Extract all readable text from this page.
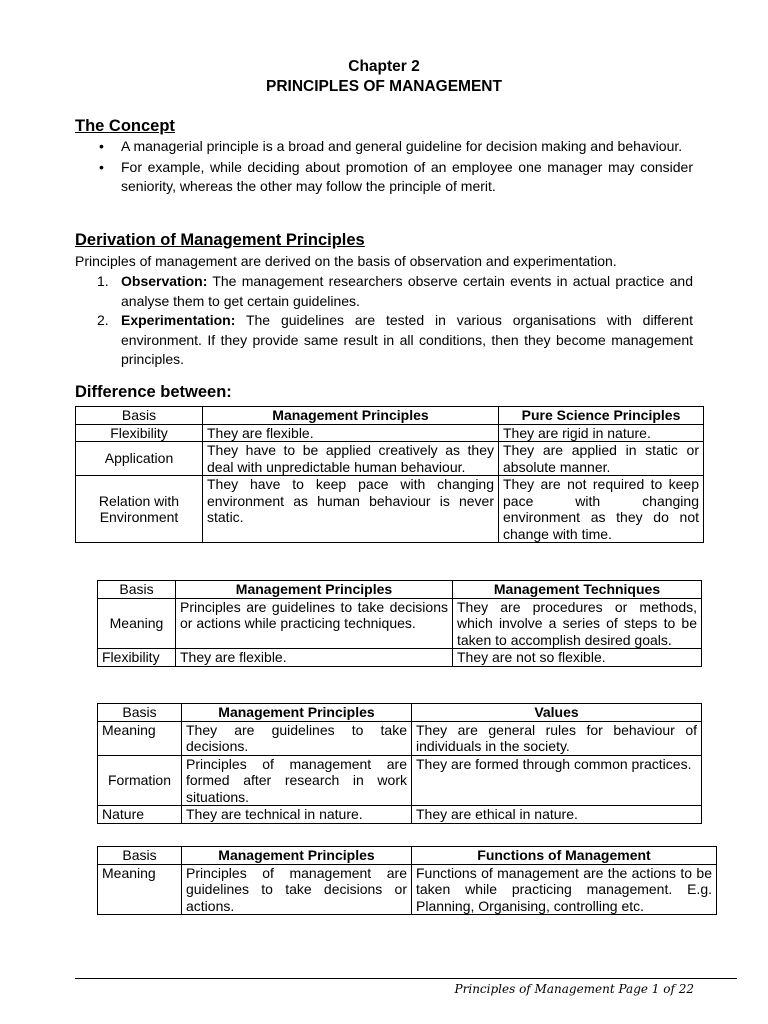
Chapter 2
PRINCIPLES OF MANAGEMENT
The Concept
• A managerial principle is a broad and general guideline for decision making and behaviour.
• For example, while deciding about promotion of an employee one manager may consider seniority, whereas the other may follow the principle of merit.
Derivation of Management Principles
Principles of management are derived on the basis of observation and experimentation.
1. Observation: The management researchers observe certain events in actual practice and analyse them to get certain guidelines.
2. Experimentation: The guidelines are tested in various organisations with different environment. If they provide same result in all conditions, then they become management principles.
Difference between:
Basis	Management Principles	Pure Science Principles
Flexibility	They are flexible.	They are rigid in nature.
Application	They have to be applied creatively as they deal with unpredictable human behaviour.	They are applied in static or absolute manner.
Relation with Environment	They have to keep pace with changing environment as human behaviour is never static.	They are not required to keep pace with changing environment as they do not change with time.
Basis	Management Principles	Management Techniques
Meaning	Principles are guidelines to take decisions or actions while practicing techniques.	They are procedures or methods, which involve a series of steps to be taken to accomplish desired goals.
Flexibility	They are flexible.	They are not so flexible.
Basis	Management Principles	Values
Meaning	They are guidelines to take decisions.	They are general rules for behaviour of individuals in the society.
Formation	Principles of management are formed after research in work situations.	They are formed through common practices.
Nature	They are technical in nature.	They are ethical in nature.
Basis	Management Principles	Functions of Management
Meaning	Principles of management are guidelines to take decisions or actions.	Functions of management are the actions to be taken while practicing management. E.g. Planning, Organising, controlling etc.
Principles of Management Page 1 of 22
